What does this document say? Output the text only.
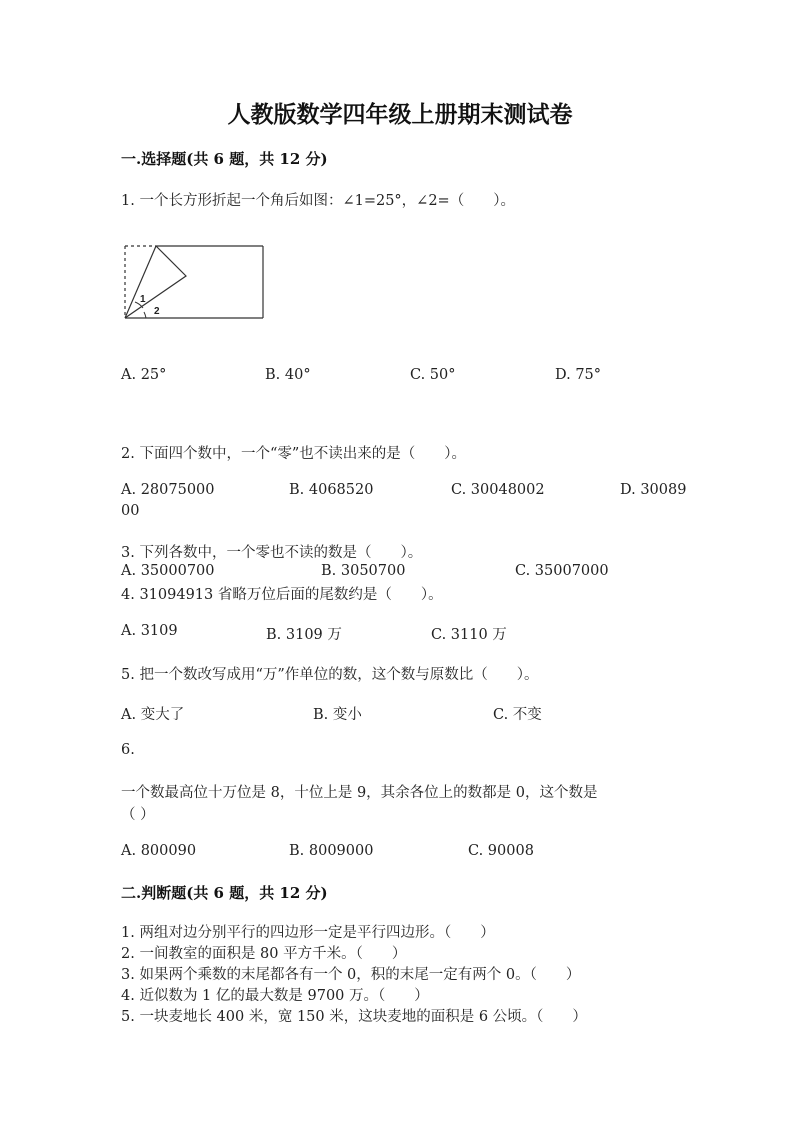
人教版数学四年级上册期末测试卷
一.选择题(共 6 题，共 12 分)
1. 一个长方形折起一个角后如图：∠1=25°，∠2=（　　）。
1
2
A. 25°	B. 40°	C. 50°	D. 75°
2. 下面四个数中，一个“零”也不读出来的是（　　）。
A. 28075000	B. 4068520	C. 30048002	D. 30089
00
3. 下列各数中，一个零也不读的数是（　　）。
A. 35000700	B. 3050700	C. 35007000
4. 31094913 省略万位后面的尾数约是（　　）。
A. 3109	B. 3109 万	C. 3110 万
5. 把一个数改写成用“万”作单位的数，这个数与原数比（　　）。
A. 变大了	B. 变小	C. 不变
6.
一个数最高位十万位是 8，十位上是 9，其余各位上的数都是 0，这个数是
（ ）
A. 800090	B. 8009000	C. 90008
二.判断题(共 6 题，共 12 分)
1. 两组对边分别平行的四边形一定是平行四边形。（　　）
2. 一间教室的面积是 80 平方千米。（　　）
3. 如果两个乘数的末尾都各有一个 0，积的末尾一定有两个 0。（　　）
4. 近似数为 1 亿的最大数是 9700 万。（　　）
5. 一块麦地长 400 米，宽 150 米，这块麦地的面积是 6 公顷。（　　）
